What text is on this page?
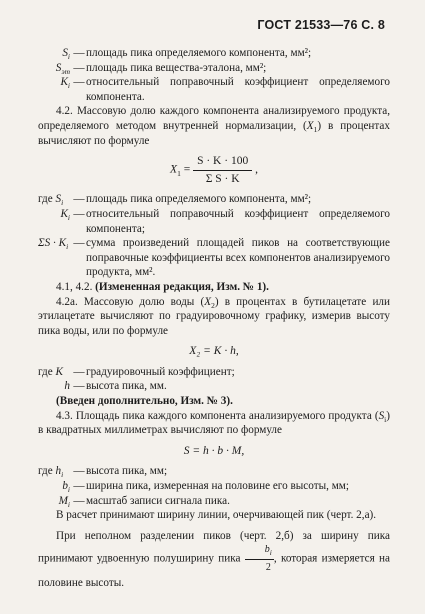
ГОСТ 21533—76 С. 8
$S_i$ — площадь пика определяемого компонента, мм²;
$S_{эт}$ — площадь пика вещества-эталона, мм²;
$K_i$ — относительный поправочный коэффициент определяемого компонента.

4.2. Массовую долю каждого компонента анализируемого продукта, определяемого методом внутренней нормализации, $(X_1)$ в процентах вычисляют по формуле

$X_1 = \frac{S \cdot K \cdot 100}{\text{Σ S · K}}$ ,
где $S_i$ — площадь пика определяемого компонента, мм²;
$K_i$ — относительный поправочный коэффициент определяемого компонента;
$\Sigma S \cdot K_i$ — сумма произведений площадей пиков на соответствующие поправочные коэффициенты всех компонентов анализируемого продукта, мм².

4.1, 4.2. (Измененная редакция, Изм. № 1).

4.2a. Массовую долю воды $(X_2)$ в процентах в бутилацетате или этилацетате вычисляют по градуировочному графику, измерив высоту пика воды, или по формуле

X₂ = K · h,
где K — градуировочный коэффициент;
h — высота пика, мм.

(Введен дополнительно, Изм. № 3).

4.3. Площадь пика каждого компонента анализируемого продукта $(S_i)$ в квадратных миллиметрах вычисляют по формуле

S = h · b · M,
где $h_i$ — высота пика, мм;
$b_i$ — ширина пика, измеренная на половине его высоты, мм;
$M_i$ — масштаб записи сигнала пика.

В расчет принимают ширину линии, очерчивающей пик (черт. 2,а).

При неполном разделении пиков (черт. 2,б) за ширину пика принимают удвоенную полуширину пика $\frac{b_i}{2}$ , которая измеряется на половине высоты.
